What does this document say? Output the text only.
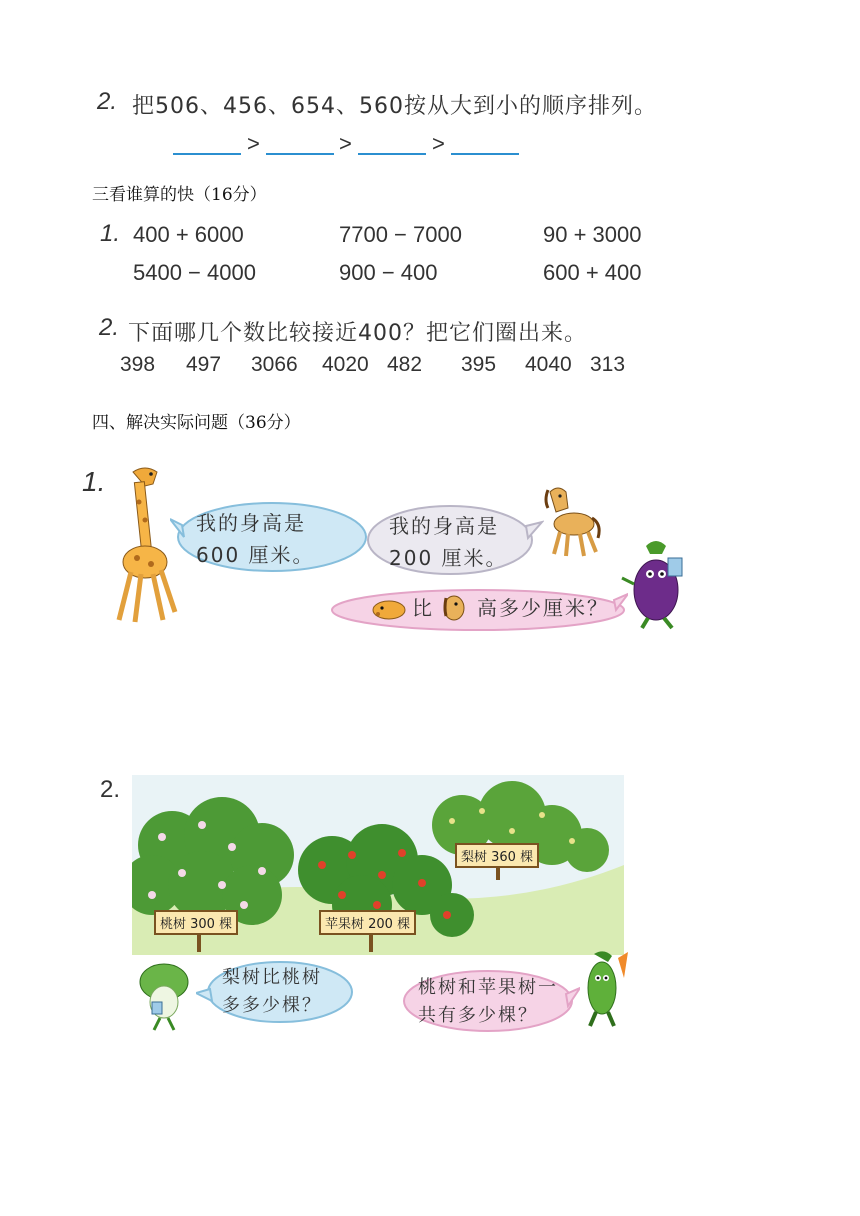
2. 把506、456、654、560按从大到小的顺序排列。
>	>	>
三看谁算的快（16分）
1. 400 + 6000	7700 − 7000	90 + 3000
5400 − 4000	900 − 400	600 + 400
2. 下面哪几个数比较接近400？把它们圈出来。
398 497 3066 4020 482 395 4040 313
四、解决实际问题（36分）
1.
我的身高是
600 厘米。
我的身高是
200 厘米。
比 高多少厘米？
2.
桃树 300 棵	苹果树 200 棵
梨树 360 棵
梨树比桃树
多多少棵？
桃树和苹果树一
共有多少棵？
